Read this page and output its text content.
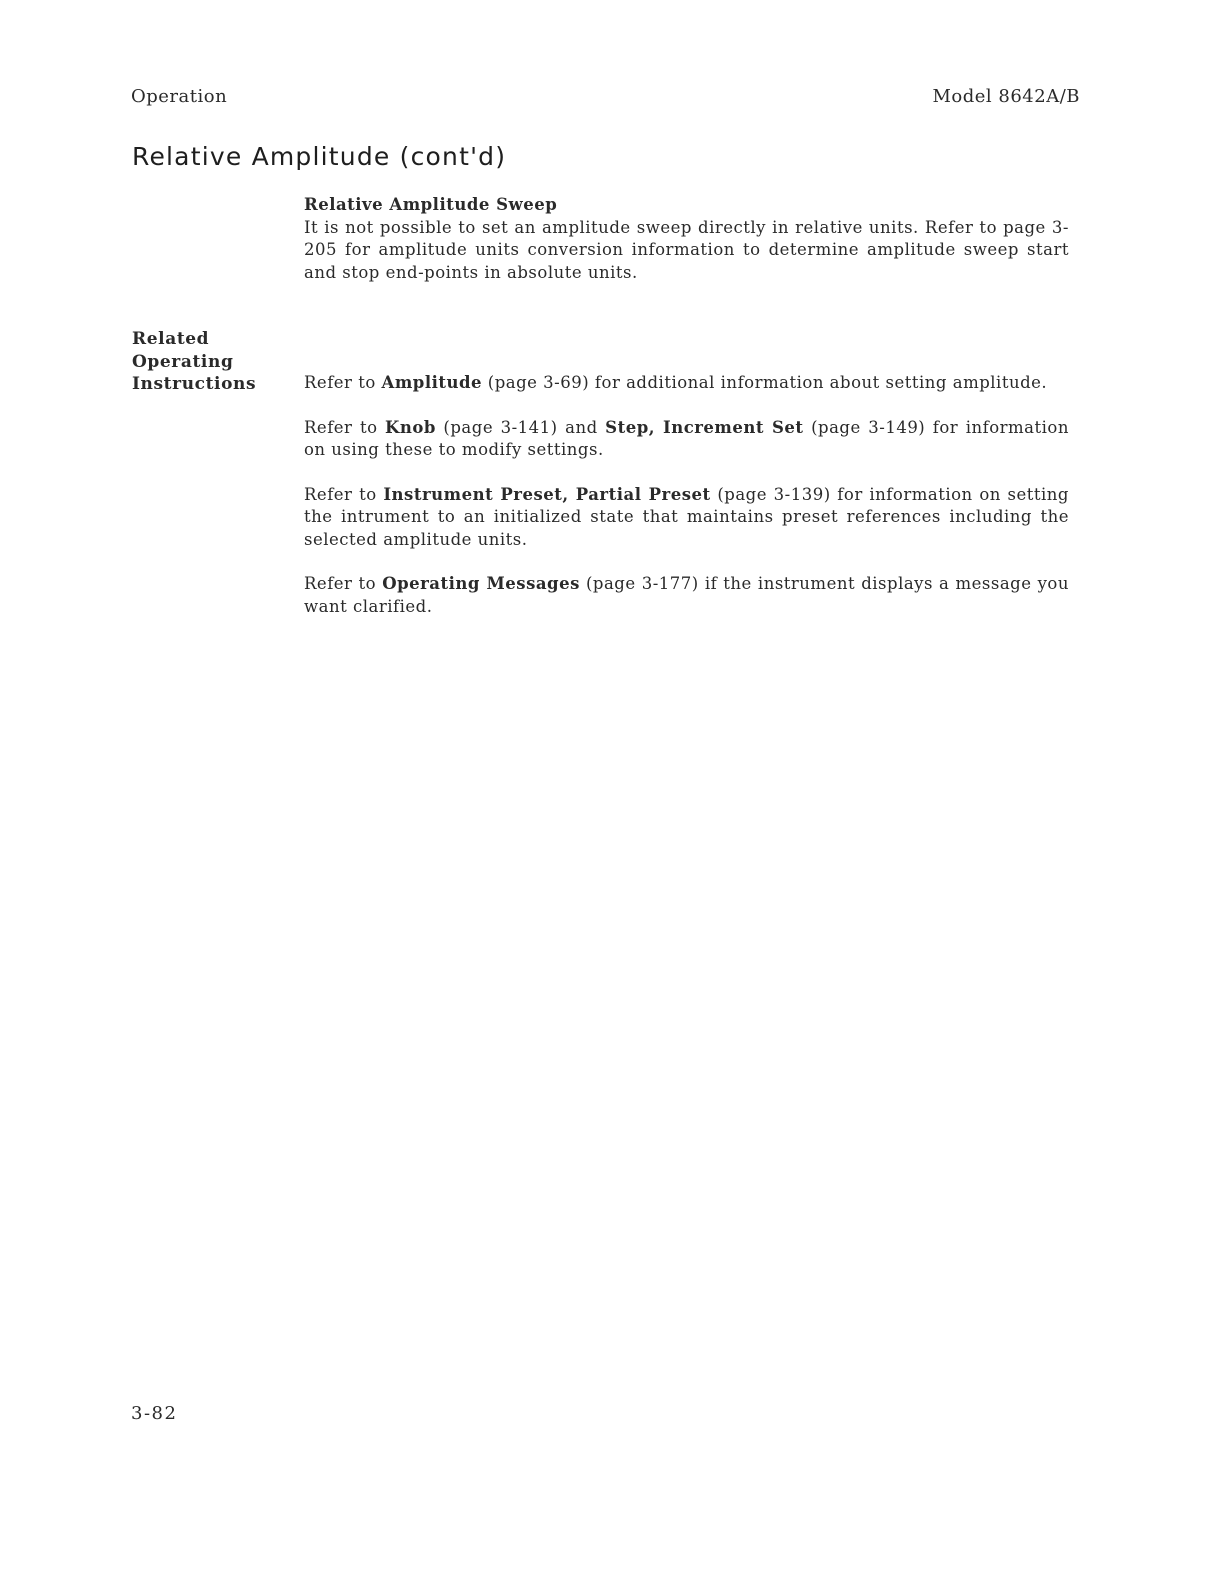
Operation	Model 8642A/B
Relative Amplitude (cont'd)
Relative Amplitude Sweep
It is not possible to set an amplitude sweep directly in relative units. Refer to page 3-205 for amplitude units conversion information to determine amplitude sweep start and stop end-points in absolute units.
Related
Operating
Instructions	Refer to Amplitude (page 3-69) for additional information about setting amplitude.

Refer to Knob (page 3-141) and Step, Increment Set (page 3-149) for information on using these to modify settings.

Refer to Instrument Preset, Partial Preset (page 3-139) for information on setting the intrument to an initialized state that maintains preset references including the selected amplitude units.

Refer to Operating Messages (page 3-177) if the instrument displays a message you want clarified.

3-82
